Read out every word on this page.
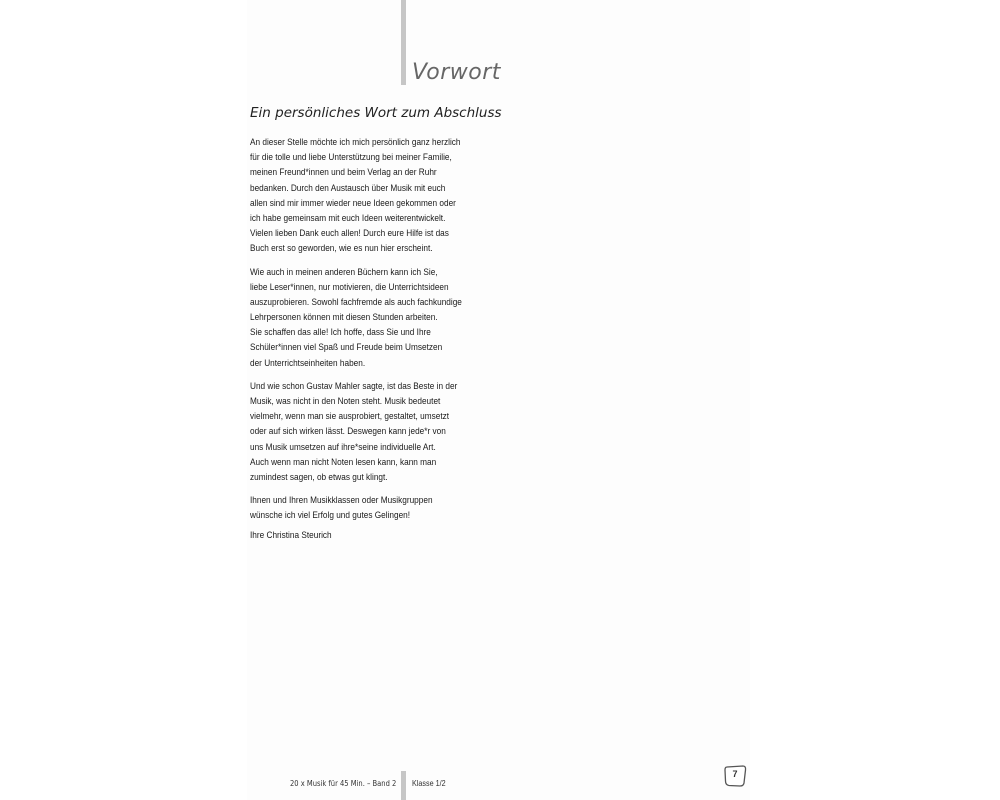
Vorwort
Ein persönliches Wort zum Abschluss
An dieser Stelle möchte ich mich persönlich ganz herzlich
für die tolle und liebe Unterstützung bei meiner Familie,
meinen Freund*innen und beim Verlag an der Ruhr
bedanken. Durch den Austausch über Musik mit euch
allen sind mir immer wieder neue Ideen gekommen oder
ich habe gemeinsam mit euch Ideen weiterentwickelt.
Vielen lieben Dank euch allen! Durch eure Hilfe ist das
Buch erst so geworden, wie es nun hier erscheint.
Wie auch in meinen anderen Büchern kann ich Sie,
liebe Leser*innen, nur motivieren, die Unterrichtsideen
auszuprobieren. Sowohl fachfremde als auch fachkundige
Lehrpersonen können mit diesen Stunden arbeiten.
Sie schaffen das alle! Ich hoffe, dass Sie und Ihre
Schüler*innen viel Spaß und Freude beim Umsetzen
der Unterrichtseinheiten haben.
Und wie schon Gustav Mahler sagte, ist das Beste in der
Musik, was nicht in den Noten steht. Musik bedeutet
vielmehr, wenn man sie ausprobiert, gestaltet, umsetzt
oder auf sich wirken lässt. Deswegen kann jede*r von
uns Musik umsetzen auf ihre*seine individuelle Art.
Auch wenn man nicht Noten lesen kann, kann man
zumindest sagen, ob etwas gut klingt.
Ihnen und Ihren Musikklassen oder Musikgruppen
wünsche ich viel Erfolg und gutes Gelingen!
Ihre Christina Steurich
20 x Musik für 45 Min. – Band 2 Klasse 1/2
7
